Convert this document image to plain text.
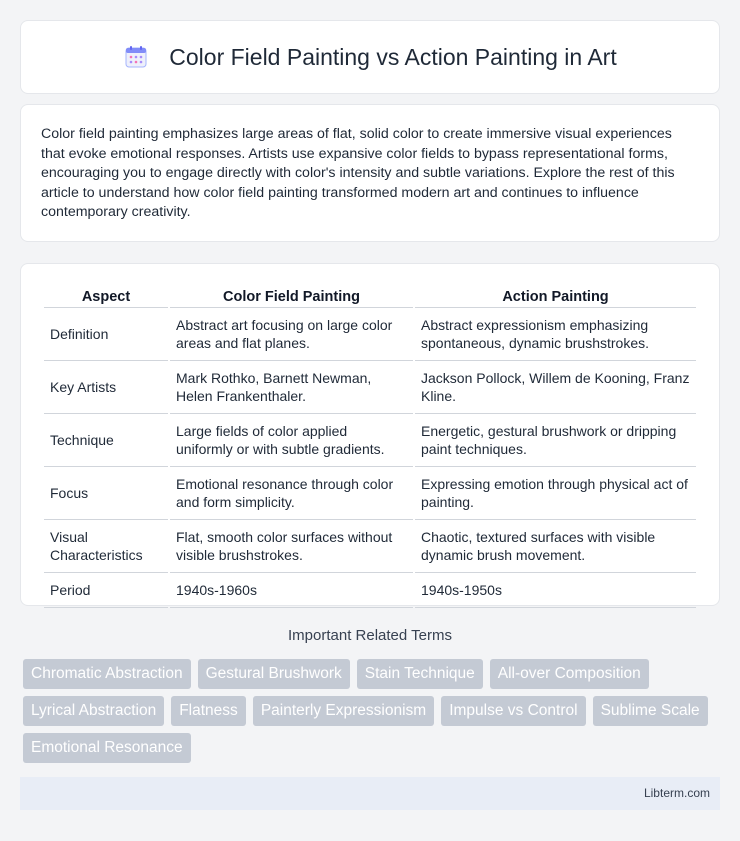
Color Field Painting vs Action Painting in Art

Color field painting emphasizes large areas of flat, solid color to create immersive visual experiences that evoke emotional responses. Artists use expansive color fields to bypass representational forms, encouraging you to engage directly with color's intensity and subtle variations. Explore the rest of this article to understand how color field painting transformed modern art and continues to influence contemporary creativity.

Aspect	Color Field Painting	Action Painting
Definition	Abstract art focusing on large color areas and flat planes.	Abstract expressionism emphasizing spontaneous, dynamic brushstrokes.
Key Artists	Mark Rothko, Barnett Newman, Helen Frankenthaler.	Jackson Pollock, Willem de Kooning, Franz Kline.
Technique	Large fields of color applied uniformly or with subtle gradients.	Energetic, gestural brushwork or dripping paint techniques.
Focus	Emotional resonance through color and form simplicity.	Expressing emotion through physical act of painting.
Visual Characteristics	Flat, smooth color surfaces without visible brushstrokes.	Chaotic, textured surfaces with visible dynamic brush movement.
Period	1940s-1960s	1940s-1950s
Important Related Terms
Chromatic Abstraction	Gestural Brushwork	Stain Technique	All-over Composition
Lyrical Abstraction	Flatness	Painterly Expressionism	Impulse vs Control	Sublime Scale
Emotional Resonance
Libterm.com
